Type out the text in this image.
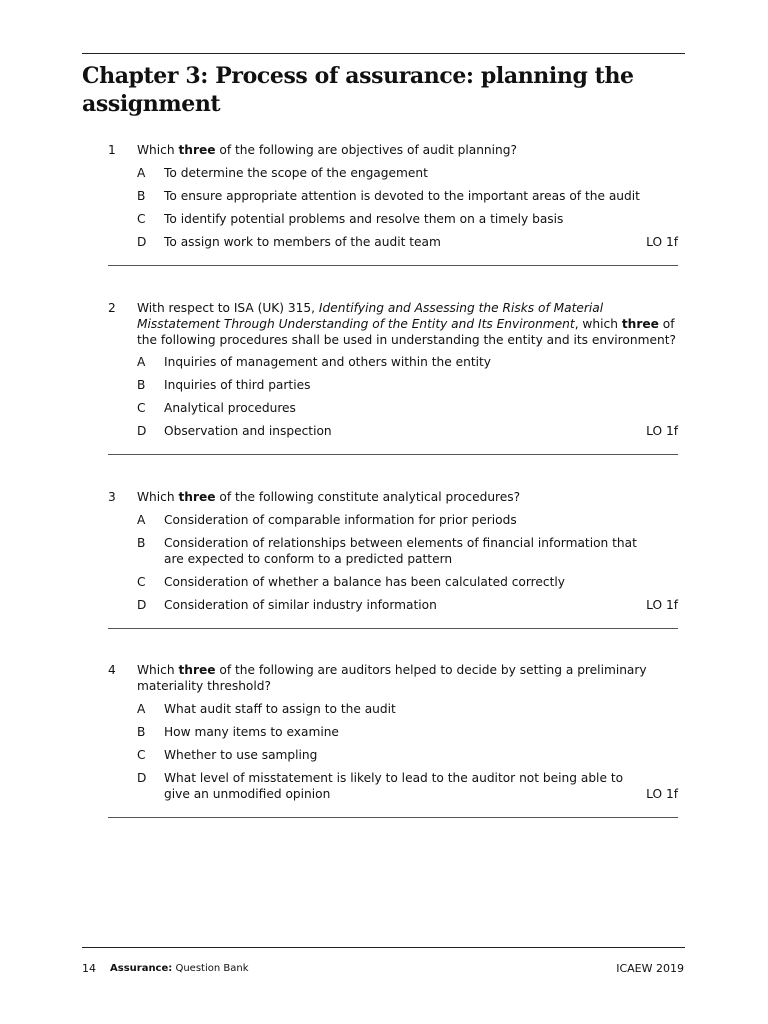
Chapter 3: Process of assurance: planning the assignment
1 Which three of the following are objectives of audit planning?
A To determine the scope of the engagement
B To ensure appropriate attention is devoted to the important areas of the audit
C To identify potential problems and resolve them on a timely basis
D To assign work to members of the audit team	LO 1f
2 With respect to ISA (UK) 315, Identifying and Assessing the Risks of Material Misstatement Through Understanding of the Entity and Its Environment, which three of the following procedures shall be used in understanding the entity and its environment?
A Inquiries of management and others within the entity
B Inquiries of third parties
C Analytical procedures
D Observation and inspection	LO 1f
3 Which three of the following constitute analytical procedures?
A Consideration of comparable information for prior periods
B Consideration of relationships between elements of financial information that are expected to conform to a predicted pattern
C Consideration of whether a balance has been calculated correctly
D Consideration of similar industry information	LO 1f
4 Which three of the following are auditors helped to decide by setting a preliminary materiality threshold?
A What audit staff to assign to the audit
B How many items to examine
C Whether to use sampling
D What level of misstatement is likely to lead to the auditor not being able to give an unmodified opinion	LO 1f
14 Assurance: Question Bank	ICAEW 2019
